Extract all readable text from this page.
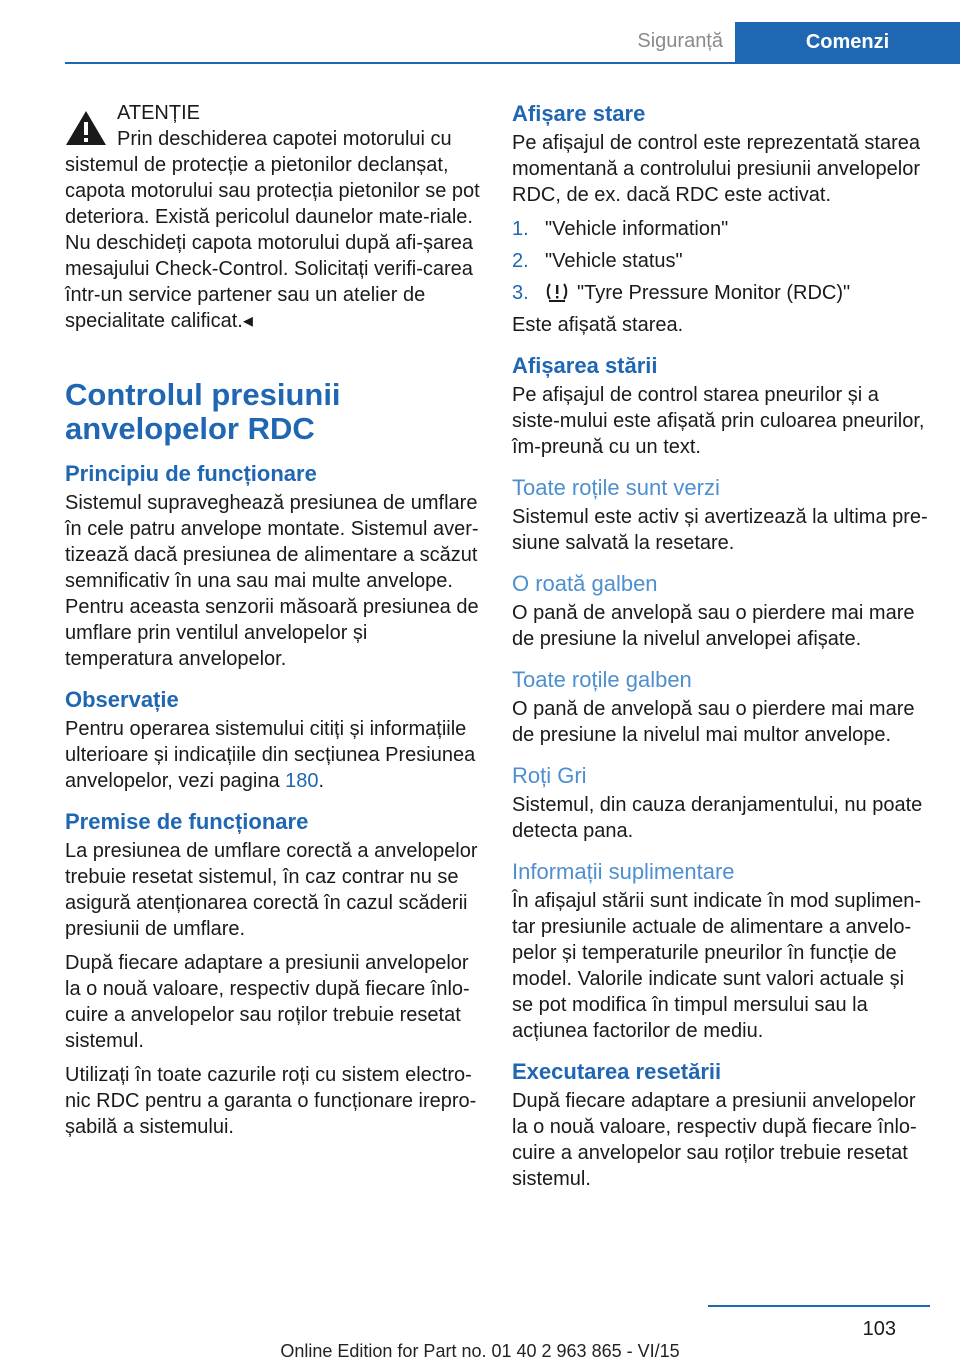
Siguranță	Comenzi
ATENȚIE
Prin deschiderea capotei motorului cu

sistemul de protecție a pietonilor declanșat, capota motorului sau protecția pietonilor se pot deteriora. Există pericolul daunelor mate‐riale. Nu deschideți capota motorului după afi‐șarea mesajului Check-Control. Solicitați verifi‐carea într-un service partener sau un atelier de specialitate calificat.◂

Controlul presiunii anvelopelor RDC
Principiu de funcționare

Sistemul supraveghează presiunea de umflare în cele patru anvelope montate. Sistemul aver‐tizează dacă presiunea de alimentare a scăzut semnificativ în una sau mai multe anvelope. Pentru aceasta senzorii măsoară presiunea de umflare prin ventilul anvelopelor și temperatura anvelopelor.

Observație

Pentru operarea sistemului citiți și informațiile ulterioare și indicațiile din secțiunea Presiunea anvelopelor, vezi pagina 180.

Premise de funcționare

La presiunea de umflare corectă a anvelopelor trebuie resetat sistemul, în caz contrar nu se asigură atenționarea corectă în cazul scăderii presiunii de umflare.

După fiecare adaptare a presiunii anvelopelor la o nouă valoare, respectiv după fiecare înlo‐cuire a anvelopelor sau roților trebuie resetat sistemul.

Utilizați în toate cazurile roți cu sistem electro‐nic RDC pentru a garanta o funcționare irepro‐șabilă a sistemului.

Afișare stare

Pe afișajul de control este reprezentată starea momentană a controlului presiunii anvelopelor RDC, de ex. dacă RDC este activat.

1. "Vehicle information"
2. "Vehicle status"
3. "Tyre Pressure Monitor (RDC)"

Este afișată starea.

Afișarea stării

Pe afișajul de control starea pneurilor și a siste‐mului este afișată prin culoarea pneurilor, îm‐preună cu un text.

Toate roțile sunt verzi

Sistemul este activ și avertizează la ultima pre‐siune salvată la resetare.

O roată galben

O pană de anvelopă sau o pierdere mai mare de presiune la nivelul anvelopei afișate.

Toate roțile galben

O pană de anvelopă sau o pierdere mai mare de presiune la nivelul mai multor anvelope.

Roți Gri

Sistemul, din cauza deranjamentului, nu poate detecta pana.

Informații suplimentare

În afișajul stării sunt indicate în mod suplimen‐tar presiunile actuale de alimentare a anvelo‐pelor și temperaturile pneurilor în funcție de model. Valorile indicate sunt valori actuale și se pot modifica în timpul mersului sau la acțiunea factorilor de mediu.

Executarea resetării

După fiecare adaptare a presiunii anvelopelor la o nouă valoare, respectiv după fiecare înlo‐cuire a anvelopelor sau roților trebuie resetat sistemul.

103
Online Edition for Part no. 01 40 2 963 865 - VI/15
